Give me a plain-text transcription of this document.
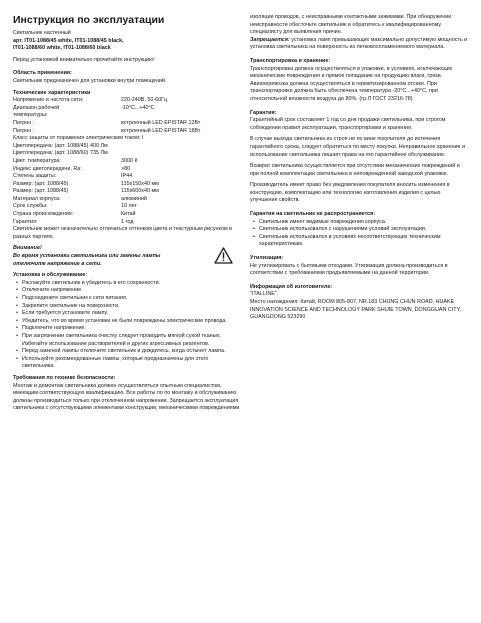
Инструкция по эксплуатации

Светильник настенный

арт. IT01-1088/45 white, IT01-1088/45 black,

IT01-1088/60 white, IT01-1088/60 black

Перед установкой внимательно прочитайте инструкцию!

Область применения:

Светильник предназначен для установки внутри помещений.

Технические характеристики

Напряжение и частота сети:	220-240В, 50-60Гц
Диапазон рабочей температуры:
-10°С...+40°С
Патрон :	встроенный LED EPISTAR 12Вт
Патрон :	встроенный LED EPISTAR 18Вт

Класс защиты от поражения электрическим током: I

Цветопередача: (арт. 1088/45) 400 Лм

Цветопередача: (арт. 1088/60) 735 Лм

Цвет. температура:	3000 К
Индекс цветопередачи, Ra:	>80
Степень защиты:	IP44
Размер: (арт. 1088/45)	115x150x40 мм
Размер: (арт. 1088/45)	115x600x40 мм
Материал корпуса:	алюминий
Срок службы:	10 лет
Страна происхождения:	Китай
Гарантия:	1 год

Светильник может незначительно отличаться оттенком цвета и текстурным рисунком в разных партиях.

Внимание!

Во время установки светильника или замены лампы отключите напряжение в сети.

Установка и обслуживание:

• Распакуйте светильник и убедитесь в его сохранности.
• Отключите напряжение.
• Подсоедините светильник к сети питания.
• Закрепите светильник на поверхности.
• Если требуется установите лампу.
• Убедитесь, что во время установки не были повреждены электрические провода.
• Подключите напряжение.
• При загрязнении светильника очистку следует проводить мягкой сухой тканью. Избегайте использование растворителей и других агрессивных реагентов.
• Перед заменой лампы отключите светильник и дождитесь, когда остынет лампа.
• Используйте рекомендованные лампы, которые предназначены для этого светильника.

Требования по технике безопасности:

Монтаж и демонтаж светильника должен осуществляться опытным специалистом, имеющим соответствующую квалификацию. Все работы по по монтажу и обслуживанию должны производиться только при отключенном напряжении. Запрещается эксплуатация светильника с отсутствующими элементами конструкции, механическими повреждениями

изоляции проводов, с неисправными контактными зажимами. При обнаружении неисправности обесточьте светильник и обратитесь к квалифицированному специалисту для выявления причин.

Запрещается: установка ламп превышающих максимально допустимую мощность и установка светильника на поверхность из легковоспламеняемого материала.

Транспортировка и хранение:

Транспортировка должна осуществляться в упаковке, в условиях, исключающих механические повреждения и прямое попадание на продукцию влаги, грязи. Авиаперевозка должна осуществляться в герметизированном отсеке. При транспортировке должна быть обеспечена температура -20°С...+40°С, при относительной влажности воздуха до 80%. (гр.Л ГОСТ 23216-78)

Гарантия:

Гарантийный срок составляет 1 год со дня продажи светильника, при строгом соблюдении правил эксплуатации, транспортировки и хранения.

В случае выхода светильника из строя не по вине покупателя до истечения гарантийного срока, следует обратиться по месту покупки. Неправильное хранение и использование светильника лишает права на его гарантийное обслуживание.

Возврат светильника осуществляется при отсутствии механических повреждений и при полной комплектации светильника в неповрежденной заводской упаковке.

Производитель имеет право без уведомления покупателя вносить изменения в конструкцию, комплектацию или технологию изготовления изделия с целью улучшения свойств.

Гарантия на светильник не распространяется:

• Светильник имеет видимые повреждения корпуса.
• Светильник использовался с нарушениями условий эксплуатации.
• Светильник использовался в условиях несоответствующих техническим характеристикам.

Утилизация:

Не утилизировать с бытовыми отходами. Утилизация должна производиться в соответствии с требованиями предъявляемыми на данной территории.

Информация об изготовителе:

"ITALLINE".

Место нахождения: Китай, ROOM 805-807, NR.183 CHUNG CHUN ROAD, HUAKE INNOVATION SCIENCE AND TECHNOLOGY PARK SHIJIE TOWN, DONGGUAN CITY, GUANGDONG 523290
